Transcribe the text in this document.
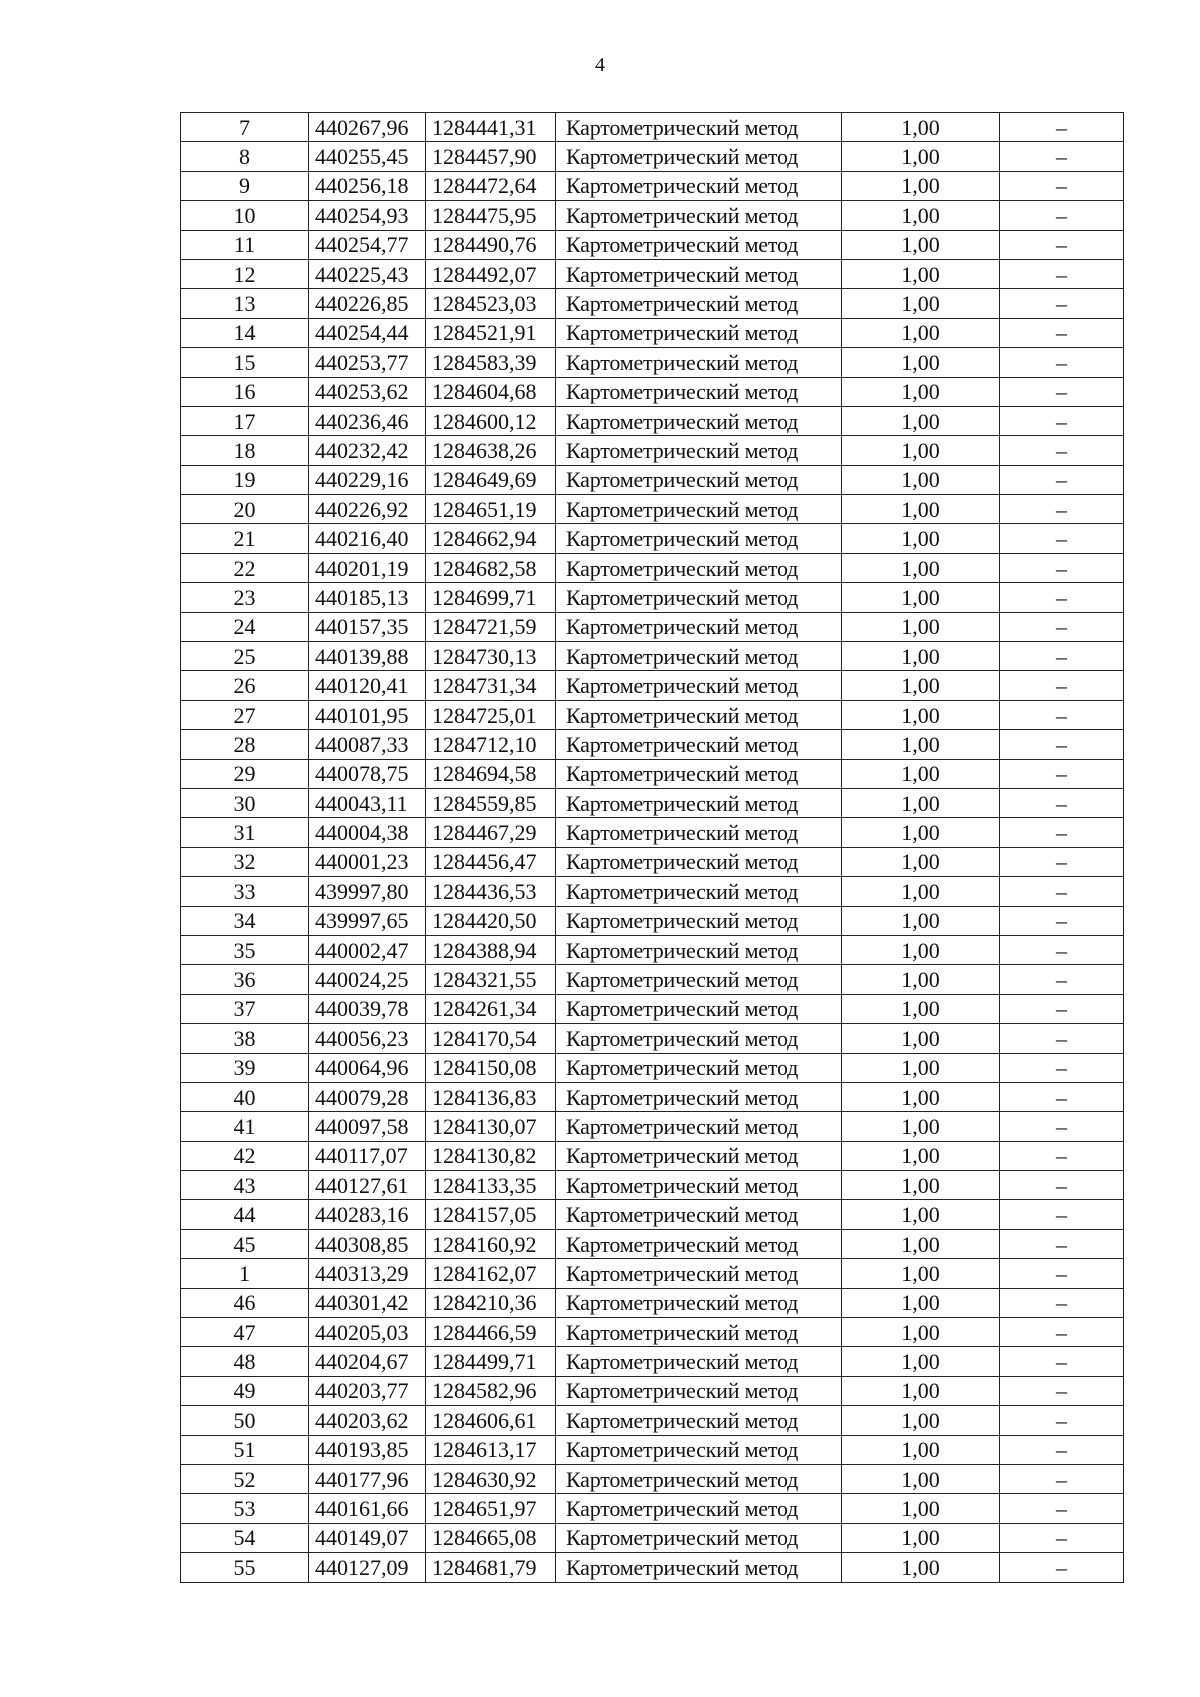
4
7	440267,96	1284441,31	Картометрический метод	1,00	–
8	440255,45	1284457,90	Картометрический метод	1,00	–
9	440256,18	1284472,64	Картометрический метод	1,00	–
10	440254,93	1284475,95	Картометрический метод	1,00	–
11	440254,77	1284490,76	Картометрический метод	1,00	–
12	440225,43	1284492,07	Картометрический метод	1,00	–
13	440226,85	1284523,03	Картометрический метод	1,00	–
14	440254,44	1284521,91	Картометрический метод	1,00	–
15	440253,77	1284583,39	Картометрический метод	1,00	–
16	440253,62	1284604,68	Картометрический метод	1,00	–
17	440236,46	1284600,12	Картометрический метод	1,00	–
18	440232,42	1284638,26	Картометрический метод	1,00	–
19	440229,16	1284649,69	Картометрический метод	1,00	–
20	440226,92	1284651,19	Картометрический метод	1,00	–
21	440216,40	1284662,94	Картометрический метод	1,00	–
22	440201,19	1284682,58	Картометрический метод	1,00	–
23	440185,13	1284699,71	Картометрический метод	1,00	–
24	440157,35	1284721,59	Картометрический метод	1,00	–
25	440139,88	1284730,13	Картометрический метод	1,00	–
26	440120,41	1284731,34	Картометрический метод	1,00	–
27	440101,95	1284725,01	Картометрический метод	1,00	–
28	440087,33	1284712,10	Картометрический метод	1,00	–
29	440078,75	1284694,58	Картометрический метод	1,00	–
30	440043,11	1284559,85	Картометрический метод	1,00	–
31	440004,38	1284467,29	Картометрический метод	1,00	–
32	440001,23	1284456,47	Картометрический метод	1,00	–
33	439997,80	1284436,53	Картометрический метод	1,00	–
34	439997,65	1284420,50	Картометрический метод	1,00	–
35	440002,47	1284388,94	Картометрический метод	1,00	–
36	440024,25	1284321,55	Картометрический метод	1,00	–
37	440039,78	1284261,34	Картометрический метод	1,00	–
38	440056,23	1284170,54	Картометрический метод	1,00	–
39	440064,96	1284150,08	Картометрический метод	1,00	–
40	440079,28	1284136,83	Картометрический метод	1,00	–
41	440097,58	1284130,07	Картометрический метод	1,00	–
42	440117,07	1284130,82	Картометрический метод	1,00	–
43	440127,61	1284133,35	Картометрический метод	1,00	–
44	440283,16	1284157,05	Картометрический метод	1,00	–
45	440308,85	1284160,92	Картометрический метод	1,00	–
1	440313,29	1284162,07	Картометрический метод	1,00	–
46	440301,42	1284210,36	Картометрический метод	1,00	–
47	440205,03	1284466,59	Картометрический метод	1,00	–
48	440204,67	1284499,71	Картометрический метод	1,00	–
49	440203,77	1284582,96	Картометрический метод	1,00	–
50	440203,62	1284606,61	Картометрический метод	1,00	–
51	440193,85	1284613,17	Картометрический метод	1,00	–
52	440177,96	1284630,92	Картометрический метод	1,00	–
53	440161,66	1284651,97	Картометрический метод	1,00	–
54	440149,07	1284665,08	Картометрический метод	1,00	–
55	440127,09	1284681,79	Картометрический метод	1,00	–
